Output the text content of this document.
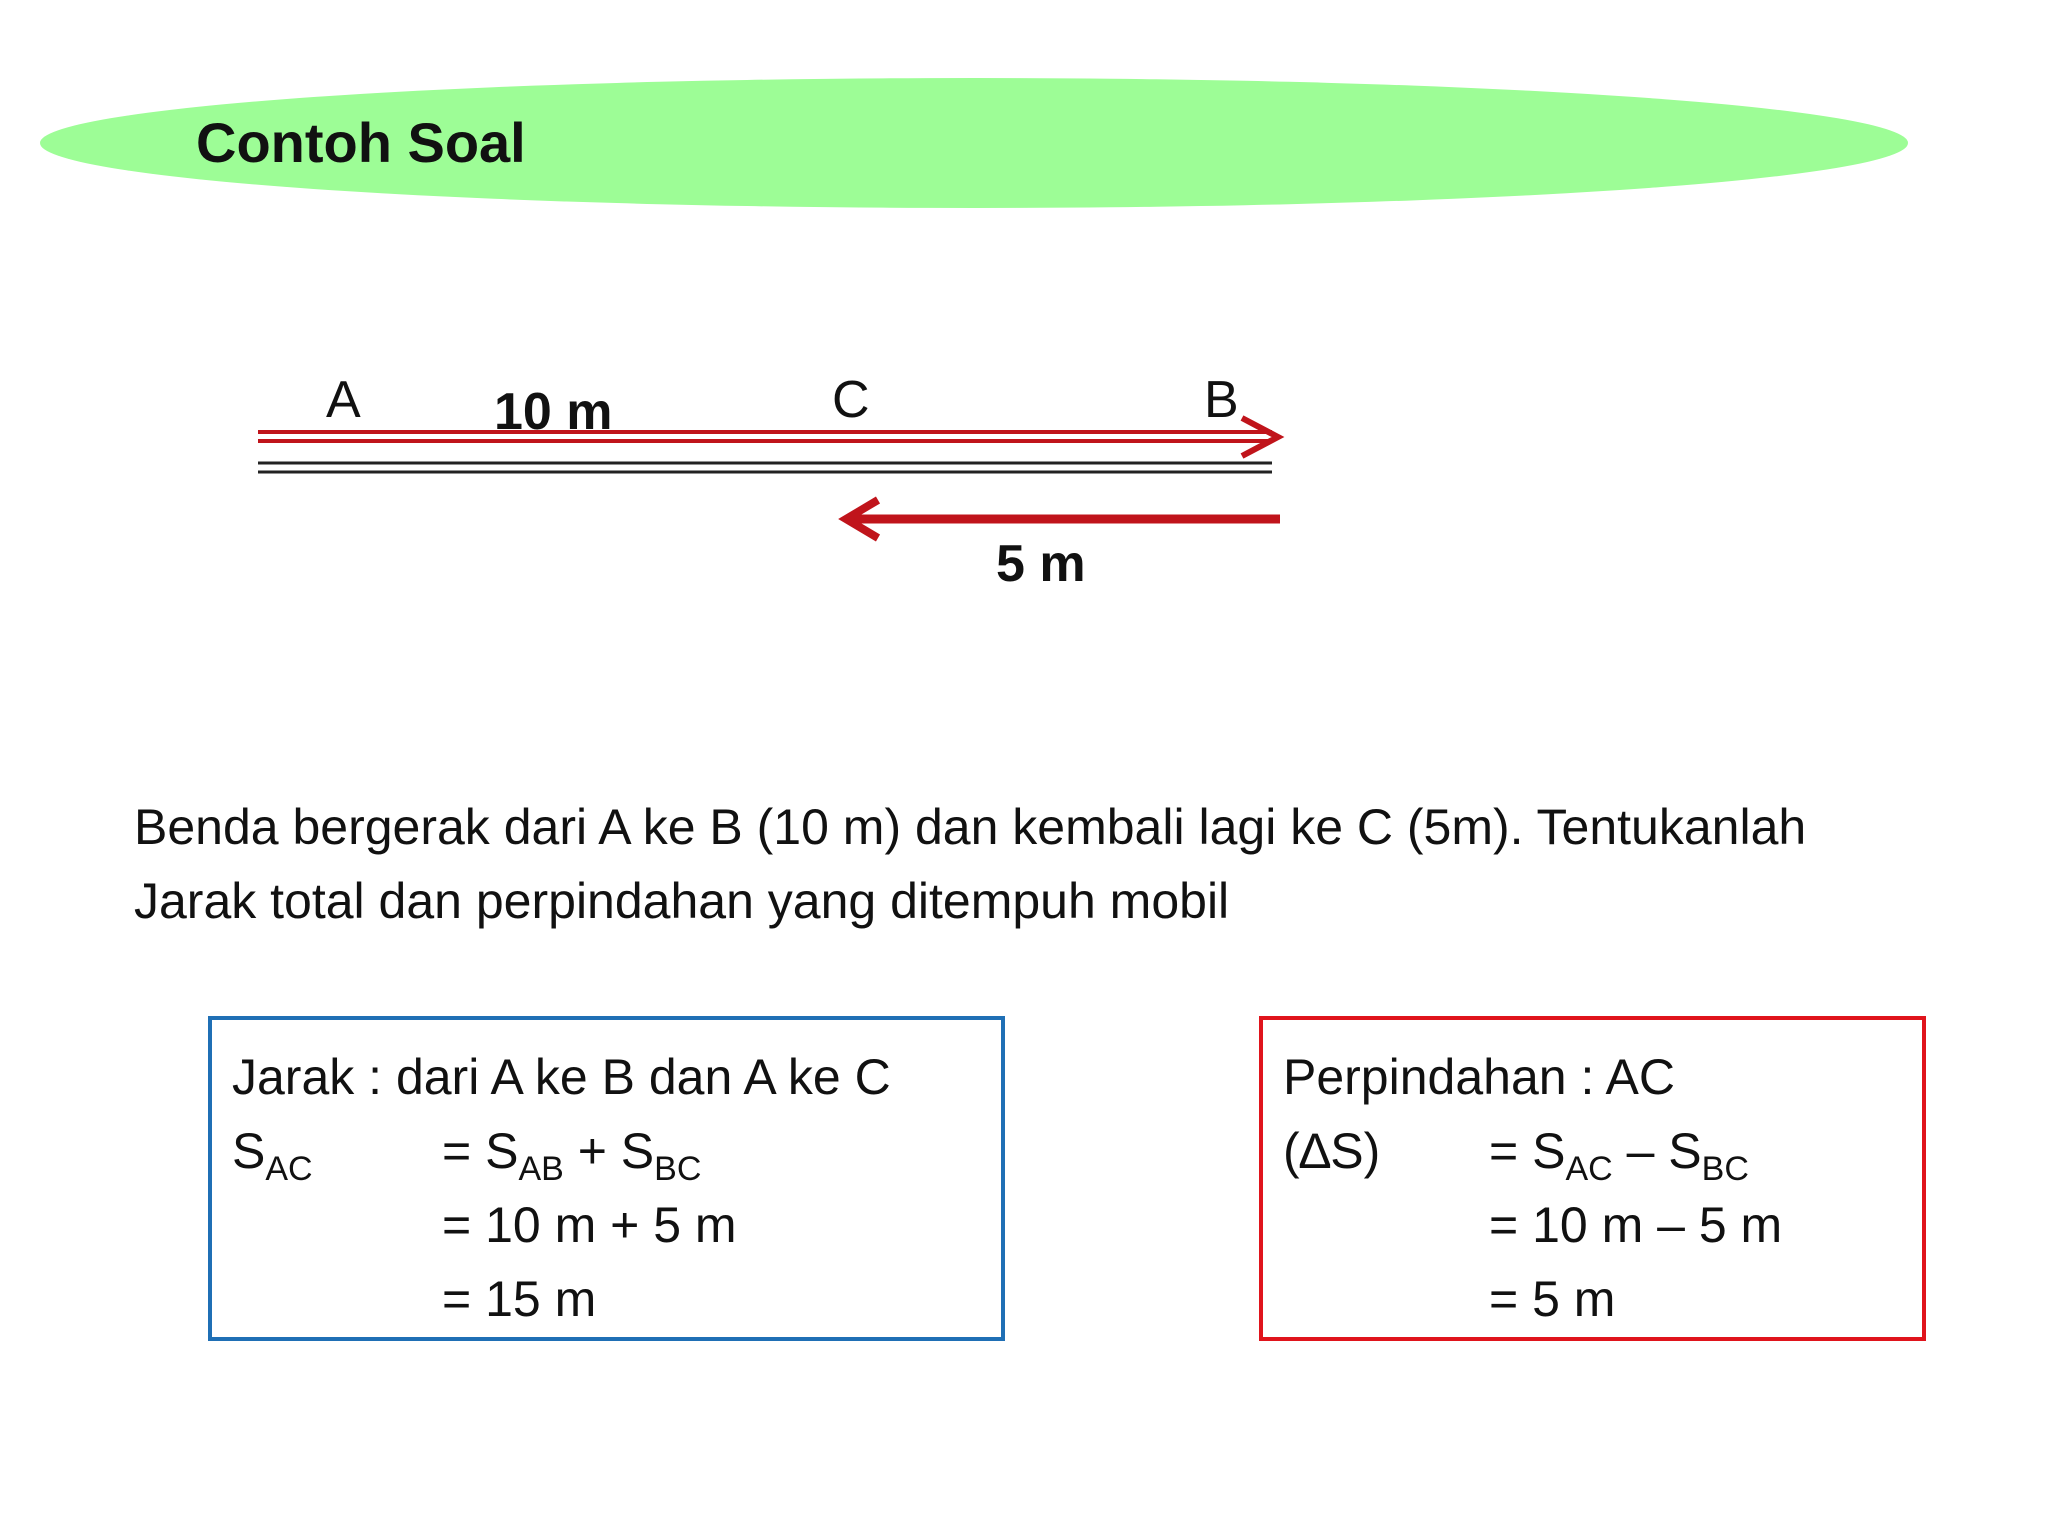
Contoh Soal
A	10 m	C	B
5 m
Benda bergerak dari A ke B (10 m) dan kembali lagi ke C (5m). Tentukanlah
Jarak total dan perpindahan yang ditempuh mobil
Jarak : dari A ke B dan A ke C
$S_{AC}$	= $S_{AB} + S_{BC}$
= 10 m + 5 m
= 15 m
Perpindahan : AC
$(\Delta S) = S_{AC} - S_{BC}$
= 10 m – 5 m
= 5 m
